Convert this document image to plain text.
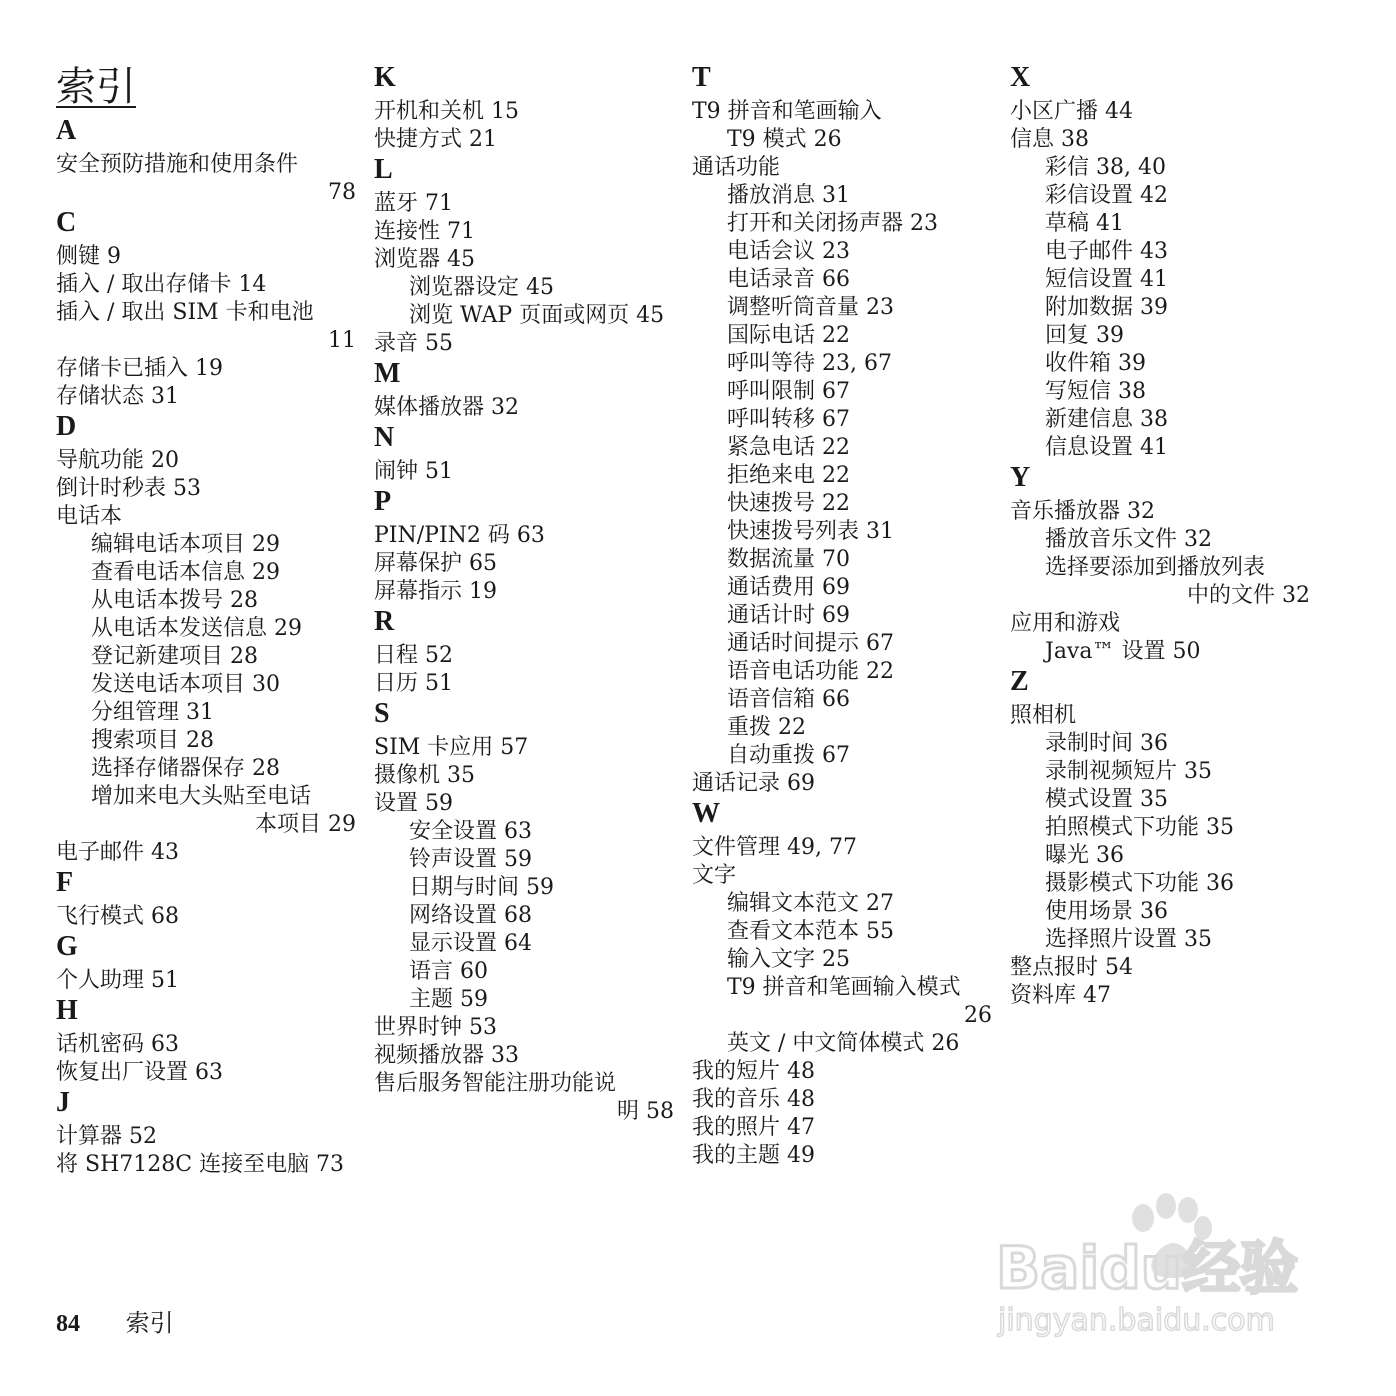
索引
A
安全预防措施和使用条件
78
C
侧键 9
插入 / 取出存储卡 14
插入 / 取出 SIM 卡和电池
11
存储卡已插入 19
存储状态 31
D
导航功能 20
倒计时秒表 53
电话本
编辑电话本项目 29
查看电话本信息 29
从电话本拨号 28
从电话本发送信息 29
登记新建项目 28
发送电话本项目 30
分组管理 31
搜索项目 28
选择存储器保存 28
增加来电大头贴至电话
本项目 29
电子邮件 43
F
飞行模式 68
G
个人助理 51
H
话机密码 63
恢复出厂设置 63
J
计算器 52
将 SH7128C 连接至电脑 73
K
开机和关机 15
快捷方式 21
L
蓝牙 71
连接性 71
浏览器 45
浏览器设定 45
浏览 WAP 页面或网页 45
录音 55
M
媒体播放器 32
N
闹钟 51
P
PIN/PIN2 码 63
屏幕保护 65
屏幕指示 19
R
日程 52
日历 51
S
SIM 卡应用 57
摄像机 35
设置 59
安全设置 63
铃声设置 59
日期与时间 59
网络设置 68
显示设置 64
语言 60
主题 59
世界时钟 53
视频播放器 33
售后服务智能注册功能说
明 58
T
T9 拼音和笔画输入
T9 模式 26
通话功能
播放消息 31
打开和关闭扬声器 23
电话会议 23
电话录音 66
调整听筒音量 23
国际电话 22
呼叫等待 23, 67
呼叫限制 67
呼叫转移 67
紧急电话 22
拒绝来电 22
快速拨号 22
快速拨号列表 31
数据流量 70
通话费用 69
通话计时 69
通话时间提示 67
语音电话功能 22
语音信箱 66
重拨 22
自动重拨 67
通话记录 69
W
文件管理 49, 77
文字
编辑文本范文 27
查看文本范本 55
输入文字 25
T9 拼音和笔画输入模式
26
英文 / 中文简体模式 26
我的短片 48
我的音乐 48
我的照片 47
我的主题 49
X
小区广播 44
信息 38
彩信 38, 40
彩信设置 42
草稿 41
电子邮件 43
短信设置 41
附加数据 39
回复 39
收件箱 39
写短信 38
新建信息 38
信息设置 41
Y
音乐播放器 32
播放音乐文件 32
选择要添加到播放列表
中的文件 32
应用和游戏
Java™ 设置 50
Z
照相机
录制时间 36
录制视频短片 35
模式设置 35
拍照模式下功能 35
曝光 36
摄影模式下功能 36
使用场景 36
选择照片设置 35
整点报时 54
资料库 47
84 索引
Baidu经验
jingyan.baidu.com
